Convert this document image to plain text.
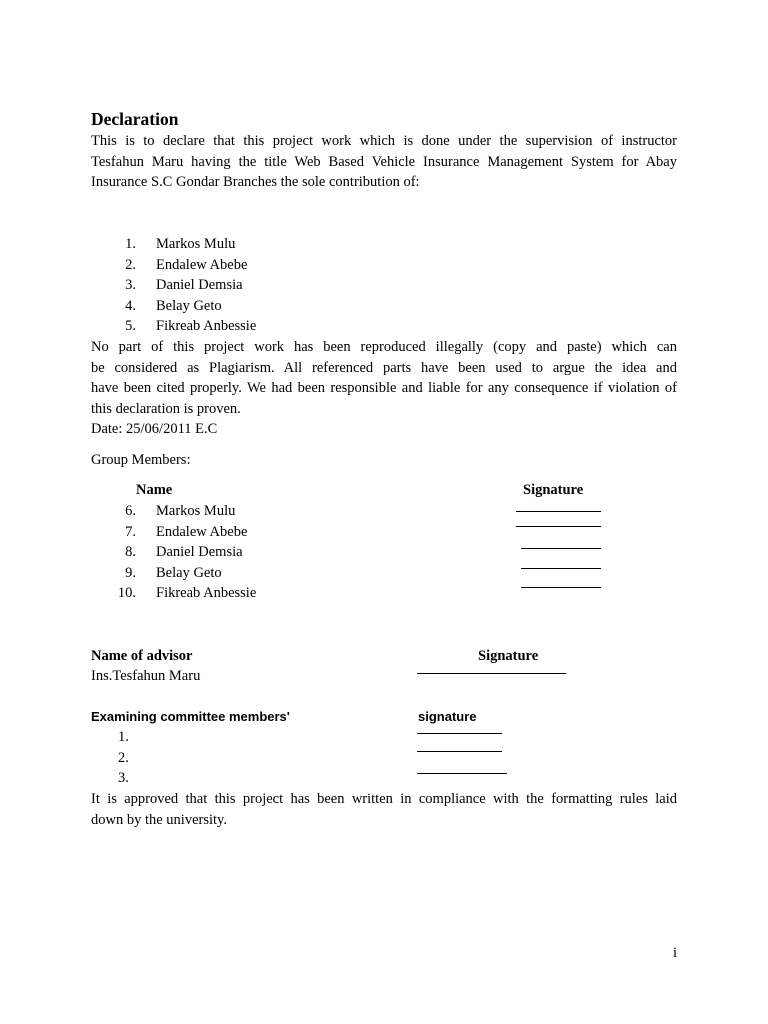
Declaration
This is to declare that this project work which is done under the supervision of instructor
Tesfahun Maru having the title Web Based Vehicle Insurance Management System for Abay
Insurance S.C Gondar Branches the sole contribution of:
1. Markos Mulu
2. Endalew Abebe
3. Daniel Demsia
4. Belay Geto
5. Fikreab Anbessie
No part of this project work has been reproduced illegally (copy and paste) which can
be considered as Plagiarism. All referenced parts have been used to argue the idea and
have been cited properly. We had been responsible and liable for any consequence if violation of
this declaration is proven.
Date: 25/06/2011 E.C
Group Members:
Name	Signature
6. Markos Mulu
7. Endalew Abebe
8. Daniel Demsia
9. Belay Geto
10. Fikreab Anbessie
Name of advisor	Signature
Ins.Tesfahun Maru
Examining committee members'	signature
1.
2.
3.
It is approved that this project has been written in compliance with the formatting rules laid
down by the university.
i
